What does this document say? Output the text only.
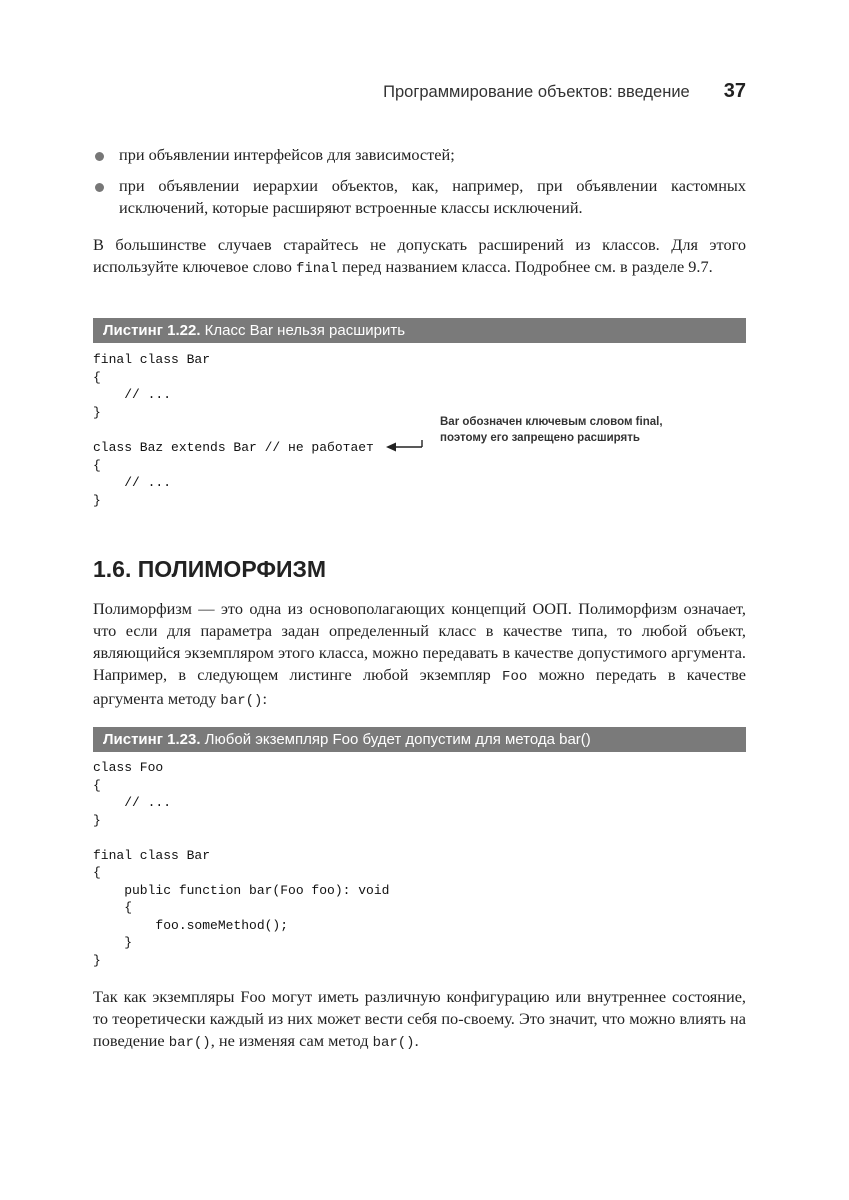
Программирование объектов: введение 37
при объявлении интерфейсов для зависимостей;
при объявлении иерархии объектов, как, например, при объявлении кастомных исключений, которые расширяют встроенные классы исключений.

В большинстве случаев старайтесь не допускать расширений из классов. Для этого используйте ключевое слово final перед названием класса. Подробнее см. в разделе 9.7.

Листинг 1.22. Класс Bar нельзя расширить
final class Bar
{
// ...
}
class Baz extends Bar // не работает
{
// ...
}
Bar обозначен ключевым словом final, поэтому его запрещено расширять
1.6. ПОЛИМОРФИЗМ

Полиморфизм — это одна из основополагающих концепций ООП. Полиморфизм означает, что если для параметра задан определенный класс в качестве типа, то любой объект, являющийся экземпляром этого класса, можно передавать в качестве допустимого аргумента. Например, в следующем листинге любой экземпляр Foo можно передать в качестве аргумента методу bar():

Листинг 1.23. Любой экземпляр Foo будет допустим для метода bar()
class Foo
{
// ...
}

final class Bar
{
public function bar(Foo foo): void
{
foo.someMethod();
}
}

Так как экземпляры Foo могут иметь различную конфигурацию или внутреннее состояние, то теоретически каждый из них может вести себя по-своему. Это значит, что можно влиять на поведение bar(), не изменяя сам метод bar().
